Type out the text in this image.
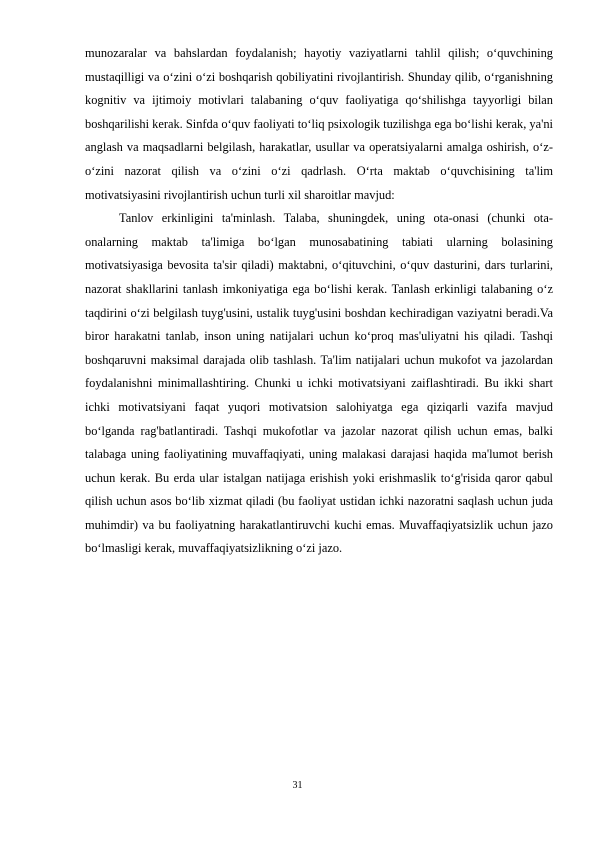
munozaralar va bahslardan foydalanish; hayotiy vaziyatlarni tahlil qilish; o‘quvchining mustaqilligi va o‘zini o‘zi boshqarish qobiliyatini rivojlantirish. Shunday qilib, o‘rganishning kognitiv va ijtimoiy motivlari talabaning o‘quv faoliyatiga qo‘shilishga tayyorligi bilan boshqarilishi kerak. Sinfda o‘quv faoliyati to‘liq psixologik tuzilishga ega bo‘lishi kerak, ya'ni anglash va maqsadlarni belgilash, harakatlar, usullar va operatsiyalarni amalga oshirish, o‘z-o‘zini nazorat qilish va o‘zini o‘zi qadrlash. O‘rta maktab o‘quvchisining ta'lim motivatsiyasini rivojlantirish uchun turli xil sharoitlar mavjud:

Tanlov erkinligini ta'minlash. Talaba, shuningdek, uning ota-onasi (chunki ota-onalarning maktab ta'limiga bo‘lgan munosabatining tabiati ularning bolasining motivatsiyasiga bevosita ta'sir qiladi) maktabni, o‘qituvchini, o‘quv dasturini, dars turlarini, nazorat shakllarini tanlash imkoniyatiga ega bo‘lishi kerak. Tanlash erkinligi talabaning o‘z taqdirini o‘zi belgilash tuyg'usini, ustalik tuyg'usini boshdan kechiradigan vaziyatni beradi.Va biror harakatni tanlab, inson uning natijalari uchun ko‘proq mas'uliyatni his qiladi. Tashqi boshqaruvni maksimal darajada olib tashlash. Ta'lim natijalari uchun mukofot va jazolardan foydalanishni minimallashtiring. Chunki u ichki motivatsiyani zaiflashtiradi. Bu ikki shart ichki motivatsiyani faqat yuqori motivatsion salohiyatga ega qiziqarli vazifa mavjud bo‘lganda rag'batlantiradi. Tashqi mukofotlar va jazolar nazorat qilish uchun emas, balki talabaga uning faoliyatining muvaffaqiyati, uning malakasi darajasi haqida ma'lumot berish uchun kerak. Bu erda ular istalgan natijaga erishish yoki erishmaslik to‘g'risida qaror qabul qilish uchun asos bo‘lib xizmat qiladi (bu faoliyat ustidan ichki nazoratni saqlash uchun juda muhimdir) va bu faoliyatning harakatlantiruvchi kuchi emas. Muvaffaqiyatsizlik uchun jazo bo‘lmasligi kerak, muvaffaqiyatsizlikning o‘zi jazo.

31
